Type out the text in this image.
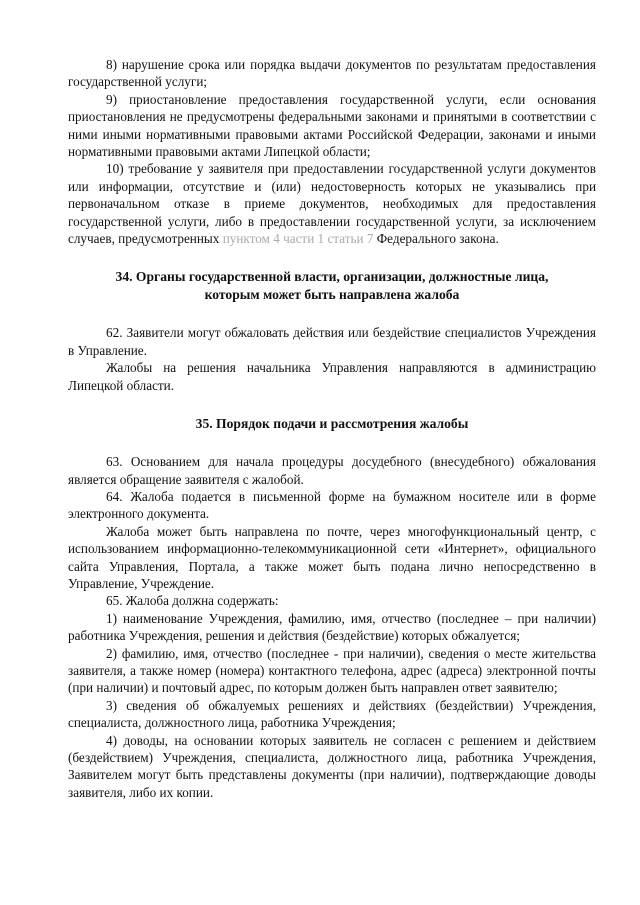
8) нарушение срока или порядка выдачи документов по результатам предоставления государственной услуги;

9) приостановление предоставления государственной услуги, если основания приостановления не предусмотрены федеральными законами и принятыми в соответствии с ними иными нормативными правовыми актами Российской Федерации, законами и иными нормативными правовыми актами Липецкой области;

10) требование у заявителя при предоставлении государственной услуги документов или информации, отсутствие и (или) недостоверность которых не указывались при первоначальном отказе в приеме документов, необходимых для предоставления государственной услуги, либо в предоставлении государственной услуги, за исключением случаев, предусмотренных пунктом 4 части 1 статьи 7 Федерального закона.

34. Органы государственной власти, организации, должностные лица,
которым может быть направлена жалоба

62. Заявители могут обжаловать действия или бездействие специалистов Учреждения в Управление.

Жалобы на решения начальника Управления направляются в администрацию Липецкой области.

35. Порядок подачи и рассмотрения жалобы

63. Основанием для начала процедуры досудебного (внесудебного) обжалования является обращение заявителя с жалобой.

64. Жалоба подается в письменной форме на бумажном носителе или в форме электронного документа.

Жалоба может быть направлена по почте, через многофункциональный центр, с использованием информационно-телекоммуникационной сети «Интернет», официального сайта Управления, Портала, а также может быть подана лично непосредственно в Управление, Учреждение.

65. Жалоба должна содержать:

1) наименование Учреждения, фамилию, имя, отчество (последнее – при наличии) работника Учреждения, решения и действия (бездействие) которых обжалуется;

2) фамилию, имя, отчество (последнее - при наличии), сведения о месте жительства заявителя, а также номер (номера) контактного телефона, адрес (адреса) электронной почты (при наличии) и почтовый адрес, по которым должен быть направлен ответ заявителю;

3) сведения об обжалуемых решениях и действиях (бездействии) Учреждения, специалиста, должностного лица, работника Учреждения;

4) доводы, на основании которых заявитель не согласен с решением и действием (бездействием) Учреждения, специалиста, должностного лица, работника Учреждения, Заявителем могут быть представлены документы (при наличии), подтверждающие доводы заявителя, либо их копии.
